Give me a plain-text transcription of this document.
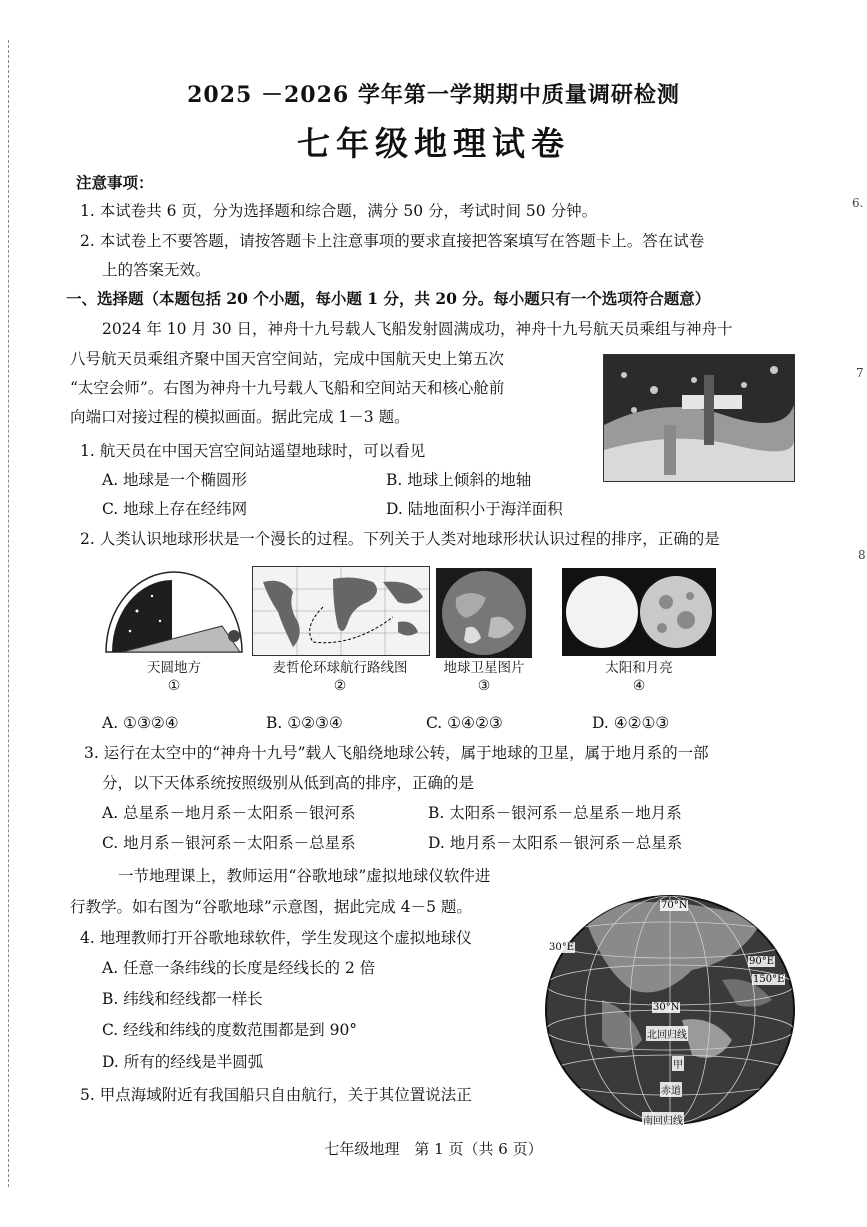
6.
7
8
2025 －2026 学年第一学期期中质量调研检测
七年级地理试卷
注意事项：
1. 本试卷共 6 页，分为选择题和综合题，满分 50 分，考试时间 50 分钟。
2. 本试卷上不要答题，请按答题卡上注意事项的要求直接把答案填写在答题卡上。答在试卷
上的答案无效。
一、选择题（本题包括 20 个小题，每小题 1 分，共 20 分。每小题只有一个选项符合题意）
2024 年 10 月 30 日，神舟十九号载人飞船发射圆满成功，神舟十九号航天员乘组与神舟十
八号航天员乘组齐聚中国天宫空间站，完成中国航天史上第五次
“太空会师”。右图为神舟十九号载人飞船和空间站天和核心舱前
向端口对接过程的模拟画面。据此完成 1－3 题。
1. 航天员在中国天宫空间站遥望地球时，可以看见
A. 地球是一个椭圆形	B. 地球上倾斜的地轴
C. 地球上存在经纬网	D. 陆地面积小于海洋面积
2. 人类认识地球形状是一个漫长的过程。下列关于人类对地球形状认识过程的排序，正确的是
天圆地方	麦哲伦环球航行路线图	地球卫星图片	太阳和月亮
①	②	③	④
A. ①③②④	B. ①②③④	C. ①④②③	D. ④②①③
3. 运行在太空中的“神舟十九号”载人飞船绕地球公转，属于地球的卫星，属于地月系的一部
分，以下天体系统按照级别从低到高的排序，正确的是
A. 总星系－地月系－太阳系－银河系	B. 太阳系－银河系－总星系－地月系
C. 地月系－银河系－太阳系－总星系	D. 地月系－太阳系－银河系－总星系
一节地理课上，教师运用“谷歌地球”虚拟地球仪软件进
行教学。如右图为“谷歌地球”示意图，据此完成 4－5 题。
4. 地理教师打开谷歌地球软件，学生发现这个虚拟地球仪
A. 任意一条纬线的长度是经线长的 2 倍
B. 纬线和经线都一样长
C. 经线和纬线的度数范围都是到 90°
D. 所有的经线是半圆弧
5. 甲点海域附近有我国船只自由航行，关于其位置说法正
70°N
30°E
90°E
150°E
30°N
北回归线
甲
赤道
南回归线
七年级地理　第 1 页（共 6 页）
